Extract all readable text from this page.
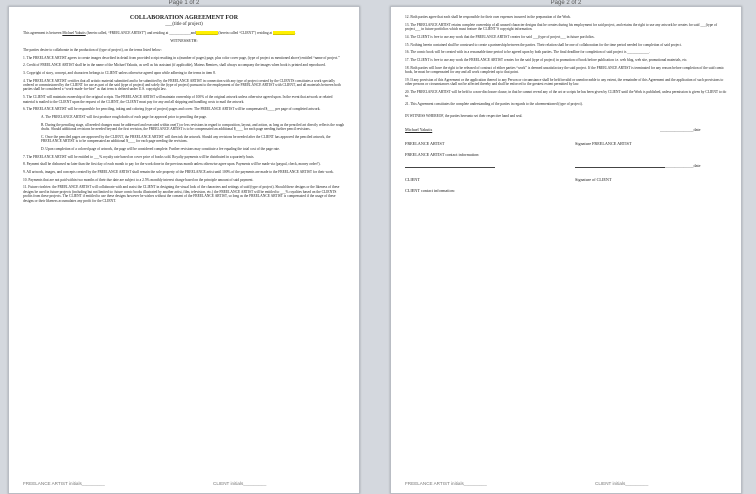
Page 1 of 2
COLLABORATION AGREEMENT FOR
___(title of project)
This agreement is between Michael Yakutis (herein called, “FREELANCE ARTIST”) and residing at ____________and____________ (herein called “CLIENT”) residing at ____________.
WITNESSETH:
The parties desire to collaborate in the production of (type of project), on the terms listed below:
1. The FREELANCE ARTIST agrees to create images described in detail from provided script resulting in a (number of pages) page, plus color cover page, (type of project as mentioned above) entitled “name of project.”
2. Credit of FREELANCE ARTIST shall be in the name of the Michael Yakutis, as well as his assistant (if applicable), Mateus Remires, shall always accompany the images when book is printed and reproduced.
3. Copyright of story, concept, and characters belongs to CLIENT unless otherwise agreed upon while adhering to the terms in item 8.
4. The FREELANCE ARTIST certifies that all artistic material submitted and to be submitted by the FREELANCE ARTIST in connection with any type of project created by the CLIENTS constitutes a work specially ordered or commissioned by the CLIENT for use as part of the said (type of project) and solely the (type of project) pursuant to the employment of the FREELANCE ARTIST with CLIENT, and all materials between both parties shall be considered a “work-made-for-hire” as that term is defined under U.S. copyright law.
5. The CLIENT will maintain ownership of the original scripts. The FREELANCE ARTIST will maintain ownership of 100% of the original artwork unless otherwise agreed upon. In the event that artwork or related material is mailed to the CLIENT upon the request of the CLIENT, the CLIENT must pay for any and all shipping and handling costs to mail the artwork.
6. The FREELANCE ARTIST will be responsible for penciling, inking and coloring (type of project) pages and cover. The FREELANCE ARTIST will be compensated $____ per page of completed artwork.
A. The FREELANCE ARTIST will first produce rough drafts of each page for approval prior to penciling the page.
B. During the penciling stage, all needed changes must be addressed and executed within one(1) or less revisions in regard to composition, layout, and action, as long as the penciled art directly reflects the rough drafts. Should additional revisions be needed beyond the first revision, the FREELANCE ARTIST is to be compensated an additional $____ for each page needing further pencil revisions.
C. Once the penciled pages are approved by the CLIENT, the FREELANCE ARTIST will then ink the artwork. Should any revisions be needed after the CLIENT has approved the penciled artwork, the FREELANCE ARTIST is to be compensated an additional $____ for each page needing the revisions.
D. Upon completion of a colored page of artwork, the page will be considered complete. Further revisions may constitute a fee equaling the total cost of the page rate.
7. The FREELANCE ARTIST will be entitled to ___% royalty rate based on cover price of books sold. Royalty payments will be distributed in a quarterly basis.
8. Payment shall be disbursed no later than the first day of each month to pay for the work done in the previous month unless otherwise agree upon. Payments will be made via (paypal, check, money order?).
9. All artwork, images, and concepts created by the FREELANCE ARTIST shall remain the sole property of the FREELANCE artist until 100% of the payments are made to the FREELANCE ARTIST for their work.
10. Payments that are not paid within two months of their due date are subject to a 2.5% monthly interest charge based on the principle amount of said payment.
11. Future rivalries: the FREELANCE ARTIST will collaborate with and assist the CLIENT in designing the visual look of the characters and settings of said (type of project). Should these designs or the likeness of these designs be used in future projects (including but not limited to: future comic books illustrated by another artist, film, television, etc.) the FREELANCE ARTIST will be entitled to ___% royalties based on the CLIENTS profits from these projects. The CLIENT if entitled to use these designs however he wishes without the consent of the FREELANCE ARTIST, so long as the FREELANCE ARTIST is compensated if the usage of these designs or their likeness accumulates any profit for the CLIENT.
FREELANCE ARTIST initials_________	CLIENT initials_________
Page 2 of 2
12. Both parties agree that each shall be responsible for their own expenses incurred in the preparation of the Work.
13. The FREELANCE ARTIST retains complete ownership of all unused character designs that he creates during his employment for said project, and retains the right to use any artwork he creates for said ___(type of project___ in future portfolios which must feature the CLIENT’S copyright information.
14. The CLIENT is free to use any work that the FREELANCE ARTIST creates for said ___(type of project___ in future portfolios.
15. Nothing herein contained shall be construed to create a partnership between the parties. Their relation shall be one of collaboration for the time period needed for completion of said project.
16. The comic book will be created with in a reasonable time period to be agreed upon by both parties. The final deadline for completion of said project is ____________.
17. The CLIENT is free to use any work the FREELANCE ARTIST creates for the said (type of project) in promotion of book before publication i.e. web blog, web site, promotional materials, etc.
18. Both parties will have the right to be released of contract of either parties “work” is deemed unsatisfactory the said project. If the FREELANCE ARTIST is terminated for any reason before completion of the said comic book, he must be compensated for any and all work completed up to that point.
19. If any provision of this Agreement or the application thereof to any Person or circumstance shall be held invalid or unenforceable to any extent, the remainder of this Agreement and the application of such provisions to other persons or circumstances shall not be affected thereby and shall be enforced to the greatest extent permitted by law.
20. The FREELANCE ARTIST will be held to a non-disclosure clause, in that he cannot reveal any of the art or scripts he has been given by CLIENT until the Work is published, unless permission is given by CLIENT to do so.
21. This Agreement constitutes the complete understanding of the parties in regards to the aforementioned (type of project).
IN WITNESS WHEREOF, the parties hereunto set their respective hand and seal.
Michael Yakutis	________________date
FREELANCE ARTIST	Signature FREELANCE ARTIST
FREELANCE ARTIST contact information:
________________date
CLIENT	Signature of CLIENT
CLIENT contact information:
FREELANCE ARTIST initials_________	CLIENT initials_________
